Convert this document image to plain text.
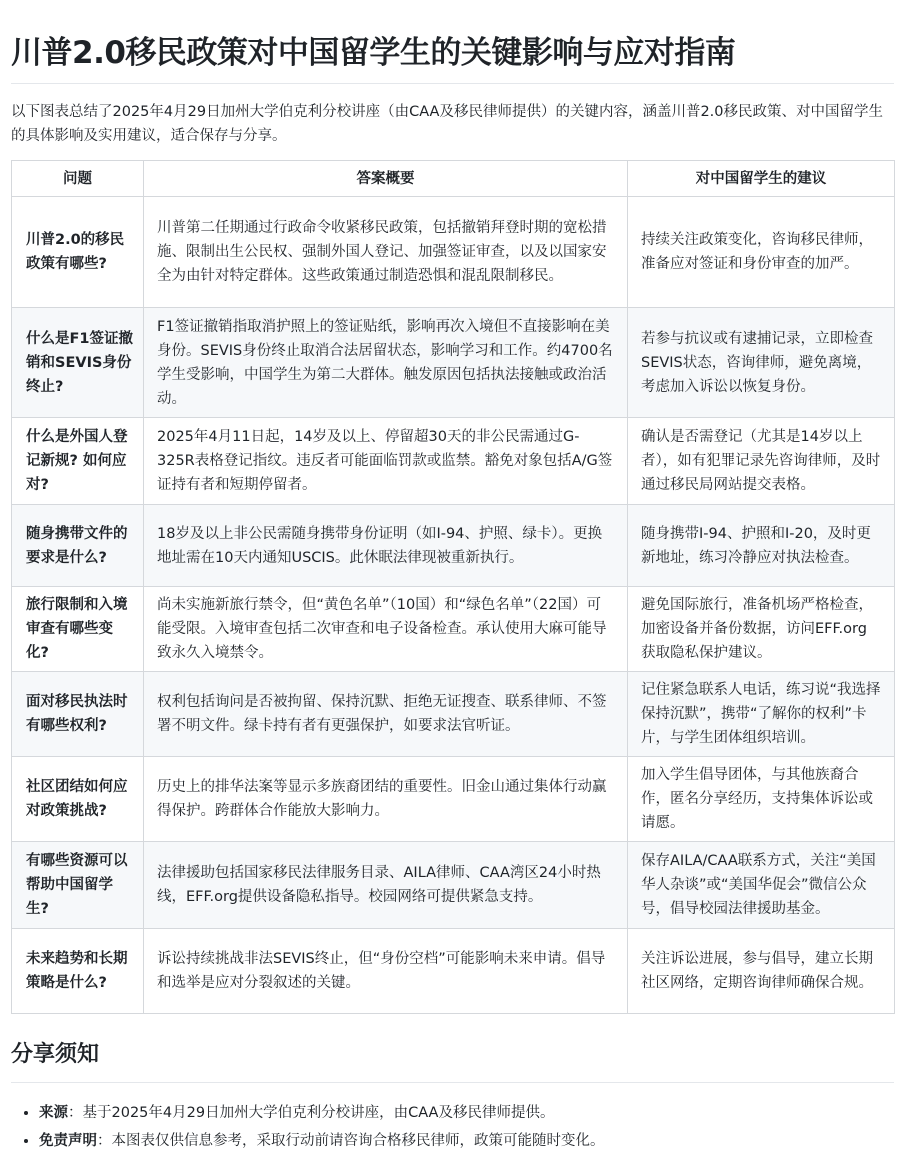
川普2.0移民政策对中国留学生的关键影响与应对指南

以下图表总结了2025年4月29日加州大学伯克利分校讲座（由CAA及移民律师提供）的关键内容，涵盖川普2.0移民政策、对中国留学生的具体影响及实用建议，适合保存与分享。

问题	答案概要	对中国留学生的建议
川普2.0的移民政策有哪些?	川普第二任期通过行政命令收紧移民政策，包括撤销拜登时期的宽松措施、限制出生公民权、强制外国人登记、加强签证审查，以及以国家安全为由针对特定群体。这些政策通过制造恐惧和混乱限制移民。	持续关注政策变化，咨询移民律师，准备应对签证和身份审查的加严。
什么是F1签证撤销和SEVIS身份终止?	F1签证撤销指取消护照上的签证贴纸，影响再次入境但不直接影响在美身份。SEVIS身份终止取消合法居留状态，影响学习和工作。约4700名学生受影响，中国学生为第二大群体。触发原因包括执法接触或政治活动。	若参与抗议或有逮捕记录，立即检查SEVIS状态，咨询律师，避免离境，考虑加入诉讼以恢复身份。
什么是外国人登记新规? 如何应对?	2025年4月11日起，14岁及以上、停留超30天的非公民需通过G-325R表格登记指纹。违反者可能面临罚款或监禁。豁免对象包括A/G签证持有者和短期停留者。	确认是否需登记（尤其是14岁以上者），如有犯罪记录先咨询律师，及时通过移民局网站提交表格。
随身携带文件的要求是什么?	18岁及以上非公民需随身携带身份证明（如I-94、护照、绿卡）。更换地址需在10天内通知USCIS。此休眠法律现被重新执行。	随身携带I-94、护照和I-20，及时更新地址，练习冷静应对执法检查。
旅行限制和入境审查有哪些变化?	尚未实施新旅行禁令，但“黄色名单”（10国）和“绿色名单”（22国）可能受限。入境审查包括二次审查和电子设备检查。承认使用大麻可能导致永久入境禁令。	避免国际旅行，准备机场严格检查，加密设备并备份数据，访问EFF.org获取隐私保护建议。
面对移民执法时有哪些权利?	权利包括询问是否被拘留、保持沉默、拒绝无证搜查、联系律师、不签署不明文件。绿卡持有者有更强保护，如要求法官听证。	记住紧急联系人电话，练习说“我选择保持沉默”，携带“了解你的权利”卡片，与学生团体组织培训。
社区团结如何应对政策挑战?	历史上的排华法案等显示多族裔团结的重要性。旧金山通过集体行动赢得保护。跨群体合作能放大影响力。	加入学生倡导团体，与其他族裔合作，匿名分享经历，支持集体诉讼或请愿。
有哪些资源可以帮助中国留学生?	法律援助包括国家移民法律服务目录、AILA律师、CAA湾区24小时热线，EFF.org提供设备隐私指导。校园网络可提供紧急支持。	保存AILA/CAA联系方式，关注“美国华人杂谈”或“美国华促会”微信公众号，倡导校园法律援助基金。
未来趋势和长期策略是什么?	诉讼持续挑战非法SEVIS终止，但“身份空档”可能影响未来申请。倡导和选举是应对分裂叙述的关键。	关注诉讼进展，参与倡导，建立长期社区网络，定期咨询律师确保合规。
分享须知
• 来源：基于2025年4月29日加州大学伯克利分校讲座，由CAA及移民律师提供。
• 免责声明：本图表仅供信息参考，采取行动前请咨询合格移民律师，政策可能随时变化。
